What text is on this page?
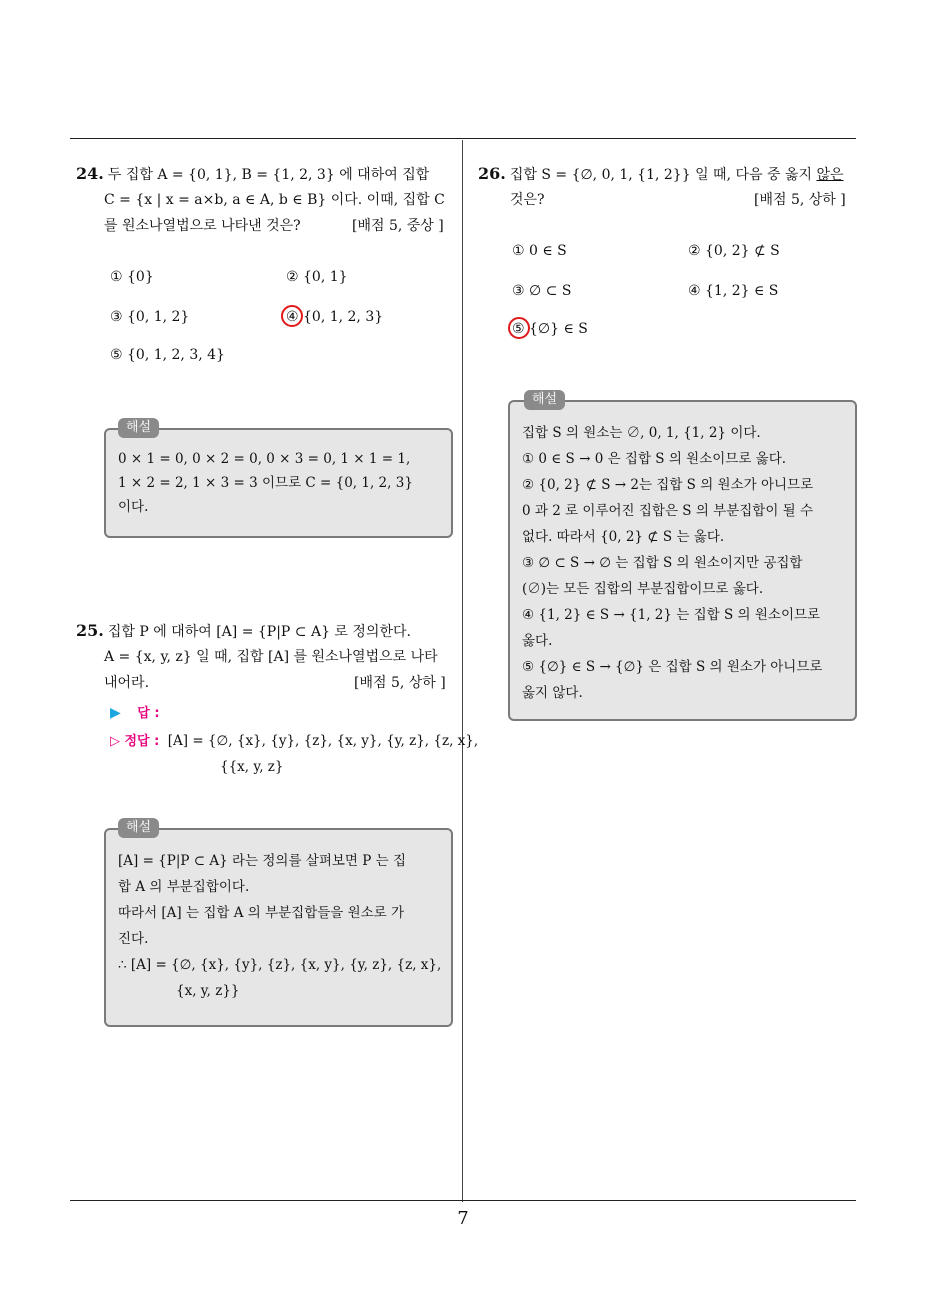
24. 두 집합 A = {0, 1}, B = {1, 2, 3} 에 대하여 집합
C = {x | x = a×b, a ∈ A, b ∈ B} 이다. 이때, 집합 C
를 원소나열법으로 나타낸 것은?	[배점 5, 중상 ]
① {0}	② {0, 1}
③ {0, 1, 2}	④ {0, 1, 2, 3}
⑤ {0, 1, 2, 3, 4}
0 × 1 = 0, 0 × 2 = 0, 0 × 3 = 0, 1 × 1 = 1,
1 × 2 = 2, 1 × 3 = 3 이므로 C = {0, 1, 2, 3}
이다.
해설
25. 집합 P 에 대하여 [A] = {P|P ⊂ A} 로 정의한다.
A = {x, y, z} 일 때, 집합 [A] 를 원소나열법으로 나타
내어라.	[배점 5, 상하 ]
▶ 답 :
▷ 정답 : [A] = {∅, {x}, {y}, {z}, {x, y}, {y, z}, {z, x},
{{x, y, z}
[A] = {P|P ⊂ A} 라는 정의를 살펴보면 P 는 집
합 A 의 부분집합이다.
따라서 [A] 는 집합 A 의 부분집합들을 원소로 가
진다.
∴ [A] = {∅, {x}, {y}, {z}, {x, y}, {y, z}, {z, x},
{x, y, z}}
해설
26. 집합 S = {∅, 0, 1, {1, 2}} 일 때, 다음 중 옳지 않은
것은?	[배점 5, 상하 ]
① 0 ∈ S	② {0, 2} ⊄ S
③ ∅ ⊂ S	④ {1, 2} ∈ S
⑤ {∅} ∈ S
집합 S 의 원소는 ∅, 0, 1, {1, 2} 이다.
① 0 ∈ S → 0 은 집합 S 의 원소이므로 옳다.
② {0, 2} ⊄ S → 2는 집합 S 의 원소가 아니므로
0 과 2 로 이루어진 집합은 S 의 부분집합이 될 수
없다. 따라서 {0, 2} ⊄ S 는 옳다.
③ ∅ ⊂ S → ∅ 는 집합 S 의 원소이지만 공집합
(∅)는 모든 집합의 부분집합이므로 옳다.
④ {1, 2} ∈ S → {1, 2} 는 집합 S 의 원소이므로
옳다.
⑤ {∅} ∈ S → {∅} 은 집합 S 의 원소가 아니므로
옳지 않다.
해설
7
